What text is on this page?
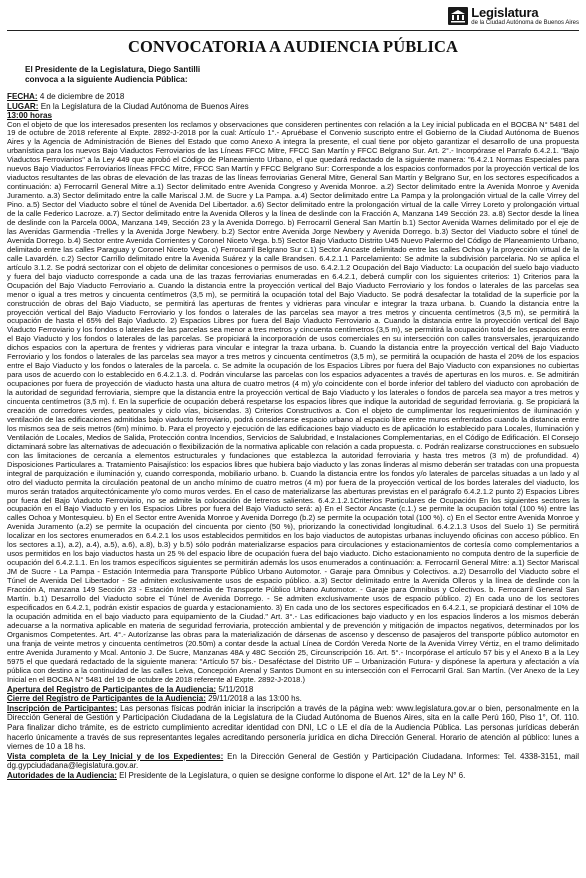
Legislatura
de la Ciudad Autónoma de Buenos Aires
CONVOCATORIA A AUDIENCIA PÚBLICA
El Presidente de la Legislatura, Diego Santilli
convoca a la siguiente Audiencia Pública:
FECHA: 4 de diciembre de 2018
LUGAR: En la Legislatura de la Ciudad Autónoma de Buenos Aires
13:00 horas

Con el objeto de que los interesados presenten los reclamos y observaciones que consideren pertinentes con relación a la Ley inicial publicada en el BOCBA N° 5481 del 19 de octubre de 2018 referente al Expte. 2892-J-2018 por la cual: Artículo 1°.- Apruébase el Convenio suscripto entre el Gobierno de la Ciudad Autónoma de Buenos Aires y la Agencia de Administración de Bienes del Estado que como Anexo A integra la presente, el cual tiene por objeto garantizar el desarrollo de una propuesta urbanística para los nuevos Bajo Viaductos Ferroviarios de las Líneas FFCC Mitre, FFCC San Martín y FFCC Belgrano Sur. Art. 2°.- Incorpórase el Parrafo 6.4.2.1. "Bajo Viaductos Ferroviarios" a la Ley 449 que aprobó el Código de Planeamiento Urbano, el que quedará redactado de la siguiente manera: "6.4.2.1 Normas Especiales para nuevos Bajo Viaductos Ferroviarios líneas FFCC Mitre, FFCC San Martín y FFCC Belgrano Sur: Corresponde a los espacios conformados por la proyección vertical de los viaductos resultantes de las obras de elevación de las trazas de las líneas ferroviarias General Mitre, General San Martín y Belgrano Sur, en los sectores especificados a continuación: a) Ferrocarril General Mitre a.1) Sector delimitado entre Avenida Congreso y Avenida Monroe. a.2) Sector delimitado entre la Avenida Monroe y Avenida Juramento. a.3) Sector delimitado entre la calle Mariscal J.M. de Sucre y La Pampa. a.4) Sector delimitado entre La Pampa y la prolongación virtual de la calle Virrey del Pino. a.5) Sector del Viaducto sobre el túnel de Avenida Del Libertador. a.6) Sector delimitado entre la prolongación virtual de la calle Virrey Loreto y prolongación virtual de la calle Federico Lacroze. a.7) Sector delimitado entre la Avenida Olleros y la línea de deslinde con la Fracción A, Manzana 149 Sección 23. a.8) Sector desde la línea de deslinde con la Parcela 000A, Manzana 149, Sección 23 y la Avenida Dorrego. b) Ferrocarril General San Martín b.1) Sector Avenida Warnes delimitado por el eje de las Avenidas Garmendia -Trelles y la Avenida Jorge Newbery. b.2) Sector entre Avenida Jorge Newbery y Avenida Dorrego. b.3) Sector del Viaducto sobre el túnel de Avenida Dorrego. b.4) Sector entre Avenida Corrientes y Coronel Niceto Vega. b.5) Sector Bajo Viaducto Distrito U45 Nuevo Palermo del Código de Planeamiento Urbano, delimitado entre las calles Paraguay y Coronel Niceto Vega. c) Ferrocarril Belgrano Sur c.1) Sector Ancaste delimitado entre las calles Ochoa y la proyección virtual de la calle Lavardén. c.2) Sector Carrillo delimitado entre la Avenida Suárez y la calle Brandsen. 6.4.2.1.1 Parcelamiento: Se admite la subdivisión parcelaria. No se aplica el artículo 3.1.2. Se podrá sectorizar con el objeto de delimitar concesiones o permisos de uso. 6.4.2.1.2 Ocupación del Bajo Viaducto: La ocupación del suelo bajo viaducto y fuera del bajo viaducto corresponde a cada una de las trazas ferroviarias enumeradas en 6.4.2.1, deberá cumplir con los siguientes criterios: 1) Criterios para la Ocupación del Bajo Viaducto Ferroviario a. Cuando la distancia entre la proyección vertical del Bajo Viaducto Ferroviario y los fondos o laterales de las parcelas sea menor o igual a tres metros y cincuenta centímetros (3,5 m), se permitirá la ocupación total del Bajo Viaducto. Se podrá desafectar la totalidad de la superficie por la construcción de obras del Bajo Viaducto, se permitirá las aperturas de frentes y vidrieras para vincular e integrar la traza urbana. b. Cuando la distancia entre la proyección vertical del Bajo Viaducto Ferroviario y los fondos o laterales de las parcelas sea mayor a tres metros y cincuenta centímetros (3,5 m), se permitirá la ocupación de hasta el 65% del Bajo Viaducto. 2) Espacios Libres por fuera del Bajo Viaducto Ferroviario a. Cuando la distancia entre la proyección vertical del Bajo Viaducto Ferroviario y los fondos o laterales de las parcelas sea menor a tres metros y cincuenta centímetros (3,5 m), se permitirá la ocupación total de los espacios entre el Bajo Viaducto y los fondos o laterales de las parcelas. Se propiciará la incorporación de usos comerciales en su intersección con calles transversales, jerarquizando dichos espacios con la apertura de frentes y vidrieras para vincular e integrar la traza urbana. b. Cuando la distancia entre la proyección vertical del Bajo Viaducto Ferroviario y los fondos o laterales de las parcelas sea mayor a tres metros y cincuenta centímetros (3,5 m), se permitirá la ocupación de hasta el 20% de los espacios entre el Bajo Viaducto y los fondos o laterales de la parcela. c. Se admite la ocupación de los Espacios Libres por fuera del Bajo Viaducto con expansiones no cubiertas para usos de acuerdo con lo establecido en 6.4.2.1.3. d. Podrán vincularse las parcelas con los espacios adyacentes a través de aperturas en los muros. e. Se admitirán ocupaciones por fuera de proyección de viaducto hasta una altura de cuatro metros (4 m) y/o coincidente con el borde inferior del tablero del viaducto con aprobación de la autoridad de seguridad ferroviaria, siempre que la distancia entre la proyección vertical de Bajo Viaducto y los laterales o fondos de parcela sea mayor a tres metros y cincuenta centímetros (3,5 m). f. En la superficie de ocupación deberá respetarse los espacios libres que indique la autoridad de seguridad ferroviaria. g. Se propiciará la creación de corredores verdes, peatonales y ciclo vías, bicisendas. 3) Criterios Constructivos a. Con el objeto de cumplimentar los requerimientos de iluminación y ventilación de las edificaciones admitidas bajo viaducto ferroviario, podrá considerarse espacio urbano al espacio libre entre muros enfrentados cuando la distancia entre los mismos sea de seis metros (6m) mínimo. b. Para el proyecto y ejecución de las edificaciones bajo viaducto es de aplicación lo establecido para Locales, Iluminación y Ventilación de Locales, Medios de Salida, Protección contra Incendios, Servicios de Salubridad, e Instalaciones Complementarias, en el Código de Edificación. El Consejo dictaminará sobre las alternativas de adecuación o flexibilización de la normativa aplicable con relación a cada propuesta. c. Podrán realizarse construcciones en subsuelo con las limitaciones de cercanía a elementos estructurales y fundaciones que establezca la autoridad ferroviaria y hasta tres metros (3 m) de profundidad. 4) Disposiciones Particulares a. Tratamiento Paisajístico: los espacios libres que hubiera bajo viaducto y las zonas linderas al mismo deberán ser tratadas con una propuesta integral de parquización e iluminación y, cuando corresponda, mobiliario urbano. b. Cuando la distancia entre los fondos y/o laterales de parcelas situadas a un lado y al otro del viaducto permita la circulación peatonal de un ancho mínimo de cuatro metros (4 m) por fuera de la proyección vertical de los bordes laterales del viaducto, los muros serán tratados arquitectónicamente y/o como muros verdes. En el caso de materializarse las aberturas previstas en el parágrafo 6.4.2.1.2 punto 2) Espacios Libres por fuera del Bajo Viaducto Ferroviario, no se admite la colocación de letreros salientes. 6.4.2.1.2.1Criterios Particulares de Ocupación En los siguientes sectores la ocupación en el Bajo Viaducto y en los Espacios Libres por fuera del Bajo Viaducto será: a) En el Sector Ancaste (c.1.) se permite la ocupación total (100 %) entre las calles Ochoa y Montesquieu. b) En el Sector entre Avenida Monroe y Avenida Dorrego (b.2) se permite la ocupación total (100 %). c) En el Sector entre Avenida Monroe y Avenida Juramento (a.2) se permite la ocupación del cincuenta por ciento (50 %), priorizando la conectividad longitudinal. 6.4.2.1.3 Usos del Suelo 1) Se permitirá localizar en los sectores enumerados en 6.4.2.1 los usos establecidos permitidos en los bajo viaductos de autopistas urbanas incluyendo oficinas con acceso público. En los sectores a.1), a.2), a.4), a.5), a.6), a.8), b.3) y b.5) sólo podrán materializarse espacios para circulaciones y estacionamientos de cortesía como complementarios a usos permitidos en los bajo viaductos hasta un 25 % del espacio libre de ocupación fuera del bajo viaducto. Dicho estacionamiento no computa dentro de la superficie de ocupación del 6.4.2.1.1. En los tramos específicos siguientes se permitirán además los usos enumerados a continuación: a. Ferrocarril General Mitre: a.1) Sector Mariscal JM de Sucre - La Pampa - Estación Intermedia para Transporte Público Urbano Automotor. - Garaje para Ómnibus y Colectivos. a.2) Desarrollo del Viaducto sobre el Túnel de Avenida Del Libertador - Se admiten exclusivamente usos de espacio público. a.3) Sector delimitado entre la Avenida Olleros y la línea de deslinde con la Fracción A, manzana 149 Sección 23 - Estación Intermedia de Transporte Público Urbano Automotor. - Garaje para Ómnibus y Colectivos. b. Ferrocarril General San Martín. b.1) Desarrollo del Viaducto sobre el Túnel de Avenida Dorrego. - Se admiten exclusivamente usos de espacio público. 2) En cada uno de los sectores especificados en 6.4.2.1, podrán existir espacios de guarda y estacionamiento. 3) En cada uno de los sectores especificados en 6.4.2.1, se propiciará destinar el 10% de la ocupación admitida en el bajo viaducto para equipamiento de la Ciudad." Art. 3°.- Las edificaciones bajo viaducto y en los espacios linderos a los mismos deberán adecuarse a la normativa aplicable en materia de seguridad ferroviaria, protección ambiental y de prevención y mitigación de impactos negativos, determinados por los Organismos Competentes. Art. 4°.- Autorízanse las obras para la materialización de dársenas de ascenso y descenso de pasajeros del transporte público automotor en una franja de veinte metros y cincuenta centímetros (20.50m) a contar desde la actual Línea de Cordón Vereda Norte de la Avenida Virrey Vértiz, en el tramo delimitado entre Avenida Juramento y Mcal. Antonio J. De Sucre, Manzanas 48A y 48C Sección 25, Circunscripción 16. Art. 5°.- Incorpórase el artículo 57 bis y el Anexo B a la Ley 5975 el que quedará redactado de la siguiente manera: "Artículo 57 bis.- Desaféctase del Distrito UF – Urbanización Futura- y dispónese la apertura y afectación a vía pública con destino a la continuidad de las calles Leiva, Concepción Arenal y Santos Dumont en su intersección con el Ferrocarril Gral. San Martín. (Ver Anexo de la Ley Inicial en el BOCBA N° 5481 del 19 de octubre de 2018 referente al Expte. 2892-J-2018.)

Apertura del Registro de Participantes de la Audiencia: 5/11/2018

Cierre del Registro de Participantes de la Audiencia: 29/11/2018 a las 13:00 hs.

Inscripción de Participantes: Las personas físicas podrán iniciar la inscripción a través de la página web: www.legislatura.gov.ar o bien, personalmente en la Dirección General de Gestión y Participación Ciudadana de la Legislatura de la Ciudad Autónoma de Buenos Aires, sita en la calle Perú 160, Piso 1°, Of. 110. Para finalizar dicho trámite, es de estricto cumplimiento acreditar identidad con DNI, LC o LE el día de la Audiencia Pública. Las personas jurídicas deberán hacerlo únicamente a través de sus representantes legales acreditando personería jurídica en dicha Dirección General. Horario de atención al público: lunes a viernes de 10 a 18 hs.

Vista completa de la Ley Inicial y de los Expedientes: En la Dirección General de Gestión y Participación Ciudadana. Informes: Tel. 4338-3151, mail dg.gypciudadana@legislatura.gov.ar.

Autoridades de la Audiencia: El Presidente de la Legislatura, o quien se designe conforme lo dispone el Art. 12° de la Ley N° 6.
